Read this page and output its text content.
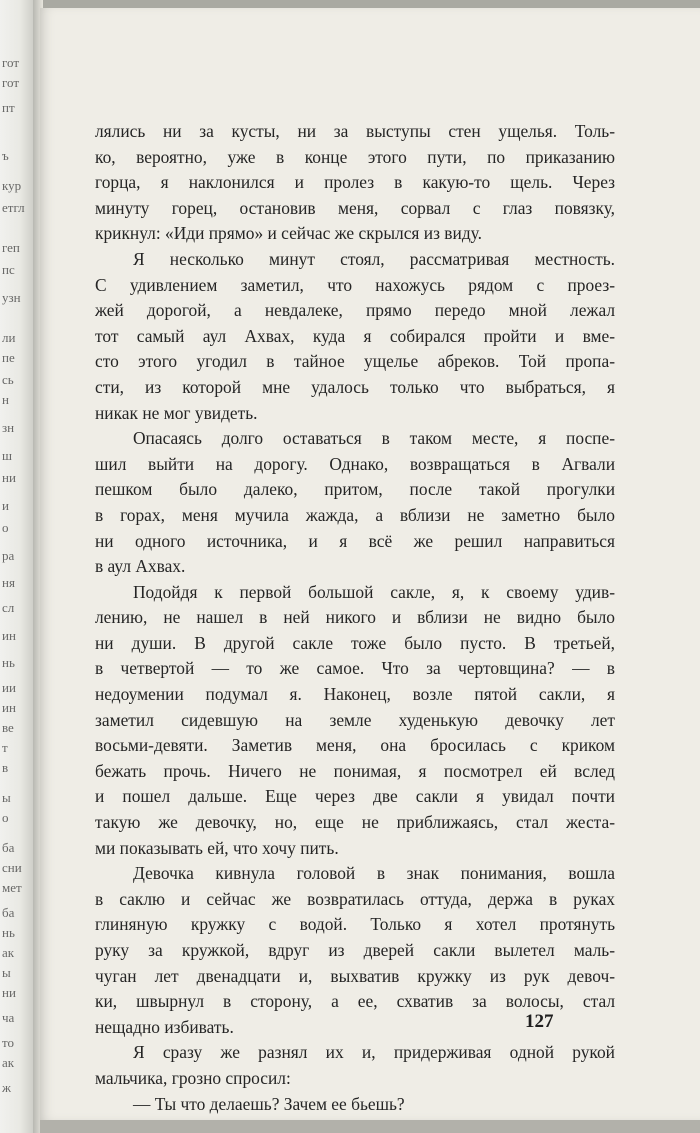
гот
гот
пт
ъ
кур
етгл
геп
пс
узн
ли
пе
сь
н
зн
ш
ни
и
о
ра
ня
сл
ин
нь
ии
ин
ве
т
в
ы
о
ба
сни
мет
ба
нь
ак
ы
ни
ча
то
ак
ж
лялись ни за кусты, ни за выступы стен ущелья. Толь-
ко, вероятно, уже в конце этого пути, по приказанию
горца, я наклонился и пролез в какую-то щель. Через
минуту горец, остановив меня, сорвал с глаз повязку,
крикнул: «Иди прямо» и сейчас же скрылся из виду.
Я несколько минут стоял, рассматривая местность.
С удивлением заметил, что нахожусь рядом с проез-
жей дорогой, а невдалеке, прямо передо мной лежал
тот самый аул Ахвах, куда я собирался пройти и вме-
сто этого угодил в тайное ущелье абреков. Той пропа-
сти, из которой мне удалось только что выбраться, я
никак не мог увидеть.
Опасаясь долго оставаться в таком месте, я поспе-
шил выйти на дорогу. Однако, возвращаться в Агвали
пешком было далеко, притом, после такой прогулки
в горах, меня мучила жажда, а вблизи не заметно было
ни одного источника, и я всё же решил направиться
в аул Ахвах.
Подойдя к первой большой сакле, я, к своему удив-
лению, не нашел в ней никого и вблизи не видно было
ни души. В другой сакле тоже было пусто. В третьей,
в четвертой — то же самое. Что за чертовщина? — в
недоумении подумал я. Наконец, возле пятой сакли, я
заметил сидевшую на земле худенькую девочку лет
восьми-девяти. Заметив меня, она бросилась с криком
бежать прочь. Ничего не понимая, я посмотрел ей вслед
и пошел дальше. Еще через две сакли я увидал почти
такую же девочку, но, еще не приближаясь, стал жеста-
ми показывать ей, что хочу пить.
Девочка кивнула головой в знак понимания, вошла
в саклю и сейчас же возвратилась оттуда, держа в руках
глиняную кружку с водой. Только я хотел протянуть
руку за кружкой, вдруг из дверей сакли вылетел маль-
чуган лет двенадцати и, выхватив кружку из рук девоч-
ки, швырнул в сторону, а ее, схватив за волосы, стал
нещадно избивать.
Я сразу же разнял их и, придерживая одной рукой
мальчика, грозно спросил:
— Ты что делаешь? Зачем ее бьешь?
127
